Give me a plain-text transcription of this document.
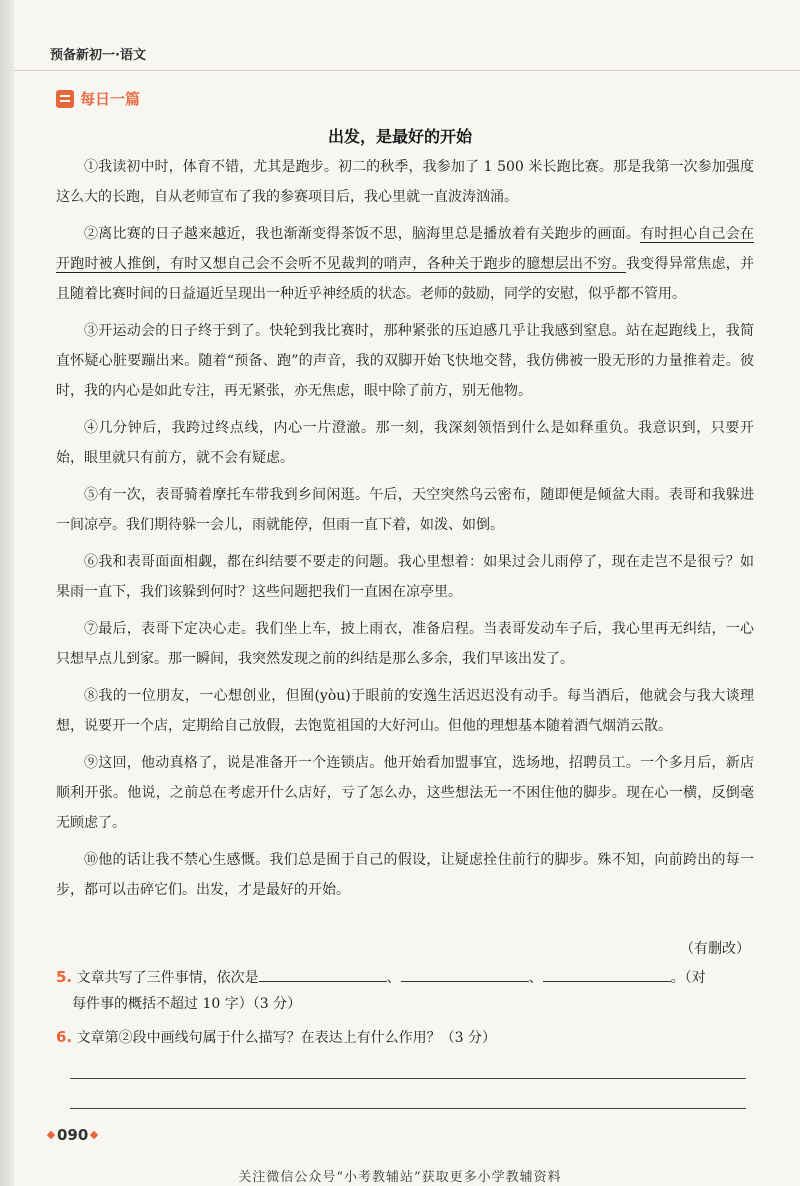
预备新初一·语文
每日一篇
出发，是最好的开始

①我读初中时，体育不错，尤其是跑步。初二的秋季，我参加了 1 500 米长跑比赛。那是我第一次参加强度这么大的长跑，自从老师宣布了我的参赛项目后，我心里就一直波涛汹涌。

②离比赛的日子越来越近，我也渐渐变得茶饭不思，脑海里总是播放着有关跑步的画面。有时担心自己会在开跑时被人推倒，有时又想自己会不会听不见裁判的哨声，各种关于跑步的臆想层出不穷。我变得异常焦虑，并且随着比赛时间的日益逼近呈现出一种近乎神经质的状态。老师的鼓励，同学的安慰，似乎都不管用。

③开运动会的日子终于到了。快轮到我比赛时，那种紧张的压迫感几乎让我感到窒息。站在起跑线上，我简直怀疑心脏要蹦出来。随着“预备、跑”的声音，我的双脚开始飞快地交替，我仿佛被一股无形的力量推着走。彼时，我的内心是如此专注，再无紧张，亦无焦虑，眼中除了前方，别无他物。

④几分钟后，我跨过终点线，内心一片澄澈。那一刻，我深刻领悟到什么是如释重负。我意识到，只要开始，眼里就只有前方，就不会有疑虑。

⑤有一次，表哥骑着摩托车带我到乡间闲逛。午后，天空突然乌云密布，随即便是倾盆大雨。表哥和我躲进一间凉亭。我们期待躲一会儿，雨就能停，但雨一直下着，如泼、如倒。

⑥我和表哥面面相觑，都在纠结要不要走的问题。我心里想着：如果过会儿雨停了，现在走岂不是很亏？如果雨一直下，我们该躲到何时？这些问题把我们一直困在凉亭里。

⑦最后，表哥下定决心走。我们坐上车，披上雨衣，准备启程。当表哥发动车子后，我心里再无纠结，一心只想早点儿到家。那一瞬间，我突然发现之前的纠结是那么多余，我们早该出发了。

⑧我的一位朋友，一心想创业，但囿(yòu)于眼前的安逸生活迟迟没有动手。每当酒后，他就会与我大谈理想，说要开一个店，定期给自己放假，去饱览祖国的大好河山。但他的理想基本随着酒气烟消云散。

⑨这回，他动真格了，说是准备开一个连锁店。他开始看加盟事宜，选场地，招聘员工。一个多月后，新店顺利开张。他说，之前总在考虑开什么店好，亏了怎么办，这些想法无一不困住他的脚步。现在心一横，反倒毫无顾虑了。

⑩他的话让我不禁心生感慨。我们总是囿于自己的假设，让疑虑拴住前行的脚步。殊不知，向前跨出的每一步，都可以击碎它们。出发，才是最好的开始。

（有删改）
5. 文章共写了三件事情，依次是	、	、	。（对
每件事的概括不超过 10 字）（3 分）
6. 文章第②段中画线句属于什么描写？在表达上有什么作用？（3 分）
090
关注微信公众号“小考教辅站”获取更多小学教辅资料
